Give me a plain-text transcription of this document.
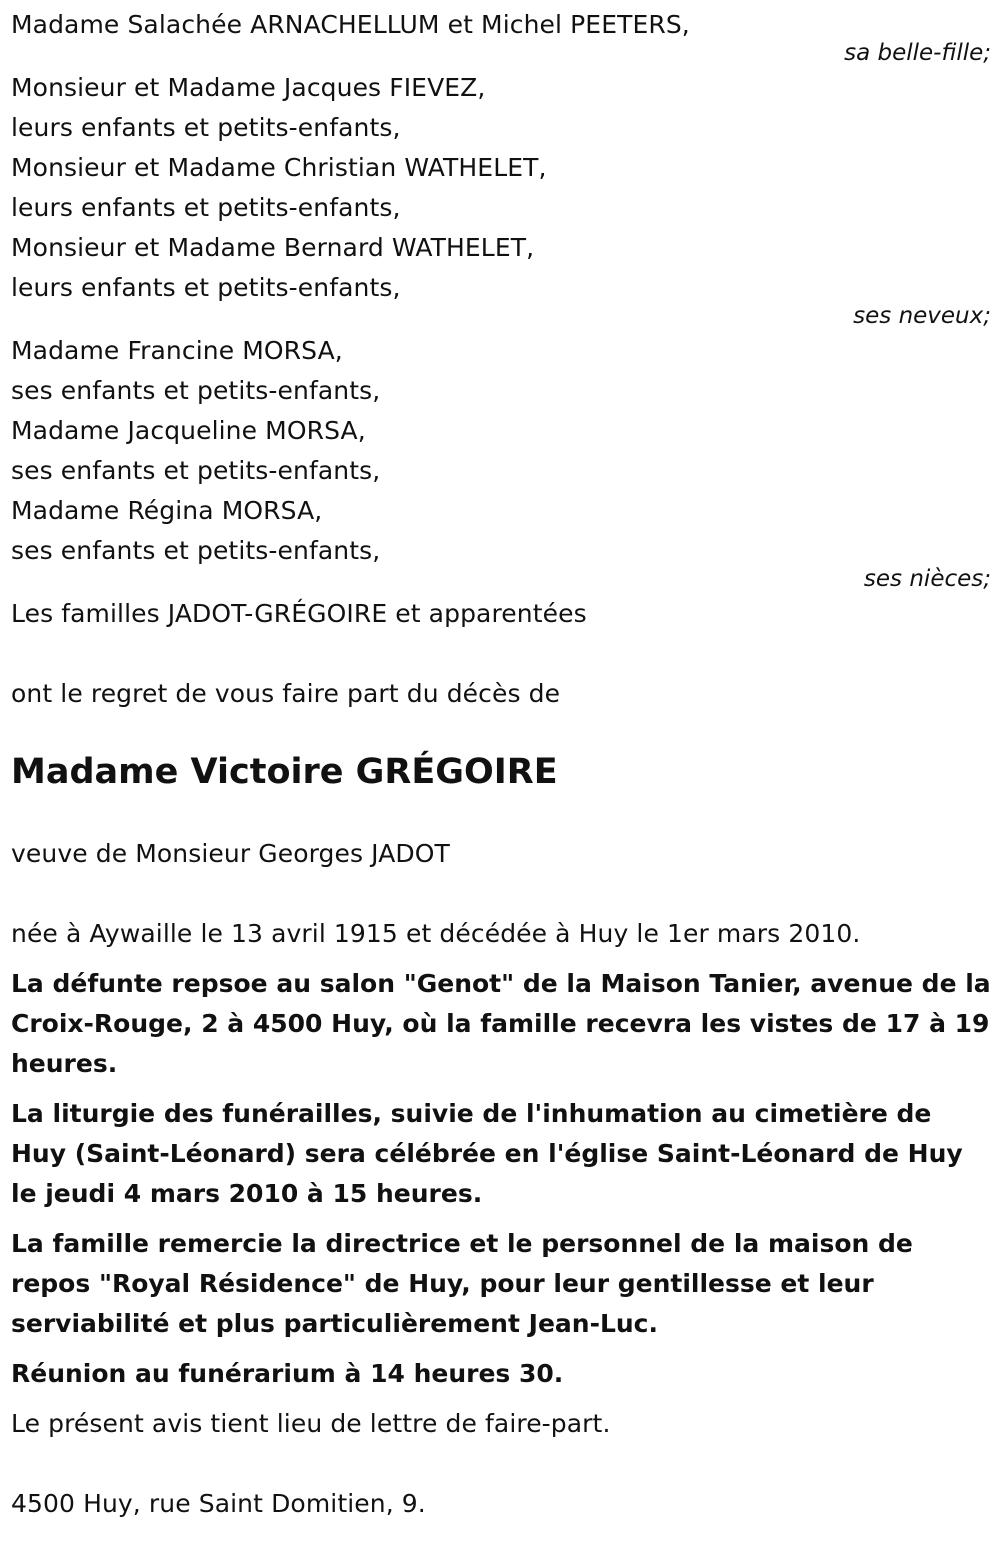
Madame Salachée ARNACHELLUM et Michel PEETERS,
sa belle-fille;
Monsieur et Madame Jacques FIEVEZ,
leurs enfants et petits-enfants,
Monsieur et Madame Christian WATHELET,
leurs enfants et petits-enfants,
Monsieur et Madame Bernard WATHELET,
leurs enfants et petits-enfants,
ses neveux;
Madame Francine MORSA,
ses enfants et petits-enfants,
Madame Jacqueline MORSA,
ses enfants et petits-enfants,
Madame Régina MORSA,
ses enfants et petits-enfants,
ses nièces;
Les familles JADOT-GRÉGOIRE et apparentées
ont le regret de vous faire part du décès de
Madame Victoire GRÉGOIRE
veuve de Monsieur Georges JADOT
née à Aywaille le 13 avril 1915 et décédée à Huy le 1er mars 2010.
La défunte repsoe au salon "Genot" de la Maison Tanier, avenue de la Croix-Rouge, 2 à 4500 Huy, où la famille recevra les vistes de 17 à 19 heures.
La liturgie des funérailles, suivie de l'inhumation au cimetière de Huy (Saint-Léonard) sera célébrée en l'église Saint-Léonard de Huy le jeudi 4 mars 2010 à 15 heures.
La famille remercie la directrice et le personnel de la maison de repos "Royal Résidence" de Huy, pour leur gentillesse et leur serviabilité et plus particulièrement Jean-Luc.
Réunion au funérarium à 14 heures 30.
Le présent avis tient lieu de lettre de faire-part.
4500 Huy, rue Saint Domitien, 9.
